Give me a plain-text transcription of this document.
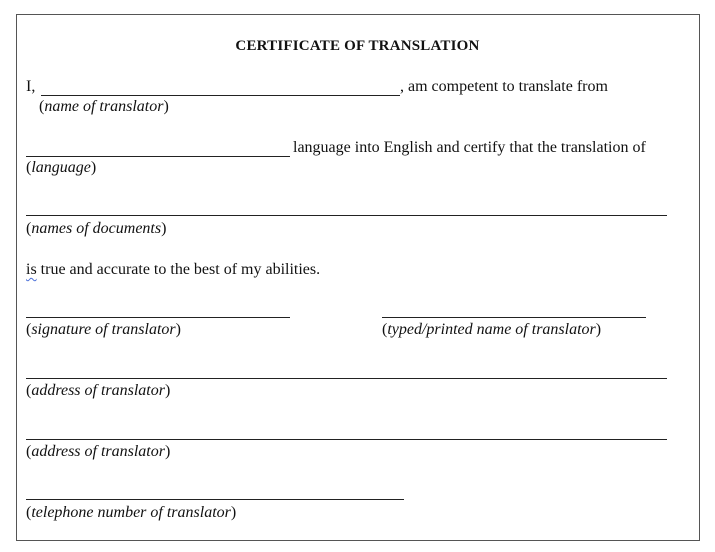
CERTIFICATE OF TRANSLATION
I,	, am competent to translate from
(name of translator)
language into English and certify that the translation of
(language)
(names of documents)
is true and accurate to the best of my abilities.
(signature of translator)	(typed/printed name of translator)
(address of translator)
(address of translator)
(telephone number of translator)
